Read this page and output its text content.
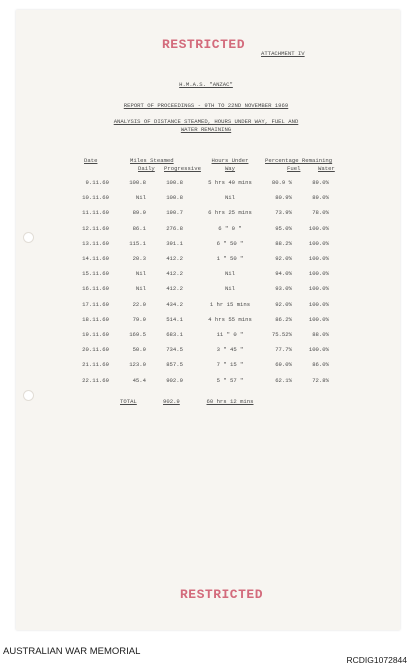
RESTRICTED
ATTACHMENT IV
H.M.A.S. "ANZAC"
REPORT OF PROCEEDINGS - 9TH TO 22ND NOVEMBER 1969
ANALYSIS OF DISTANCE STEAMED, HOURS UNDER WAY, FUEL AND
WATER REMAINING
Date	Miles Steamed
Daily Progressive
Hours Under
Way
Percentage Remaining
Fuel	Water
9.11.69	100.8	100.8	5 hrs 40 mins	80.9 %	89.0%
10.11.69	Nil	100.8	Nil	80.9%	89.0%
11.11.69	89.9	190.7	6 hrs 25 mins	73.9%	78.0%
12.11.69	86.1	276.8	6 " 0 "	95.0%	100.0%
13.11.69	115.1	391.1	6 " 50 "	88.2%	100.0%
14.11.69	20.3	412.2	1 " 50 "	92.0%	100.0%
15.11.69	Nil	412.2	Nil	94.0%	100.0%
16.11.69	Nil	412.2	Nil	93.0%	100.0%
17.11.69	22.0	434.2	1 hr 15 mins	92.0%	100.0%
18.11.69	79.9	514.1	4 hrs 55 mins	86.2%	100.0%
19.11.69	169.5	683.1	11 " 0 "	75.52%	88.0%
20.11.69	50.9	734.5	3 " 45 "	77.7%	100.0%
21.11.69	123.0	857.5	7 " 15 "	69.0%	86.0%
22.11.69	45.4	902.9	5 " 57 "	62.1%	72.8%
TOTAL	902.9	60 hrs 12 mins
RESTRICTED
AUSTRALIAN WAR MEMORIAL
RCDIG1072844
